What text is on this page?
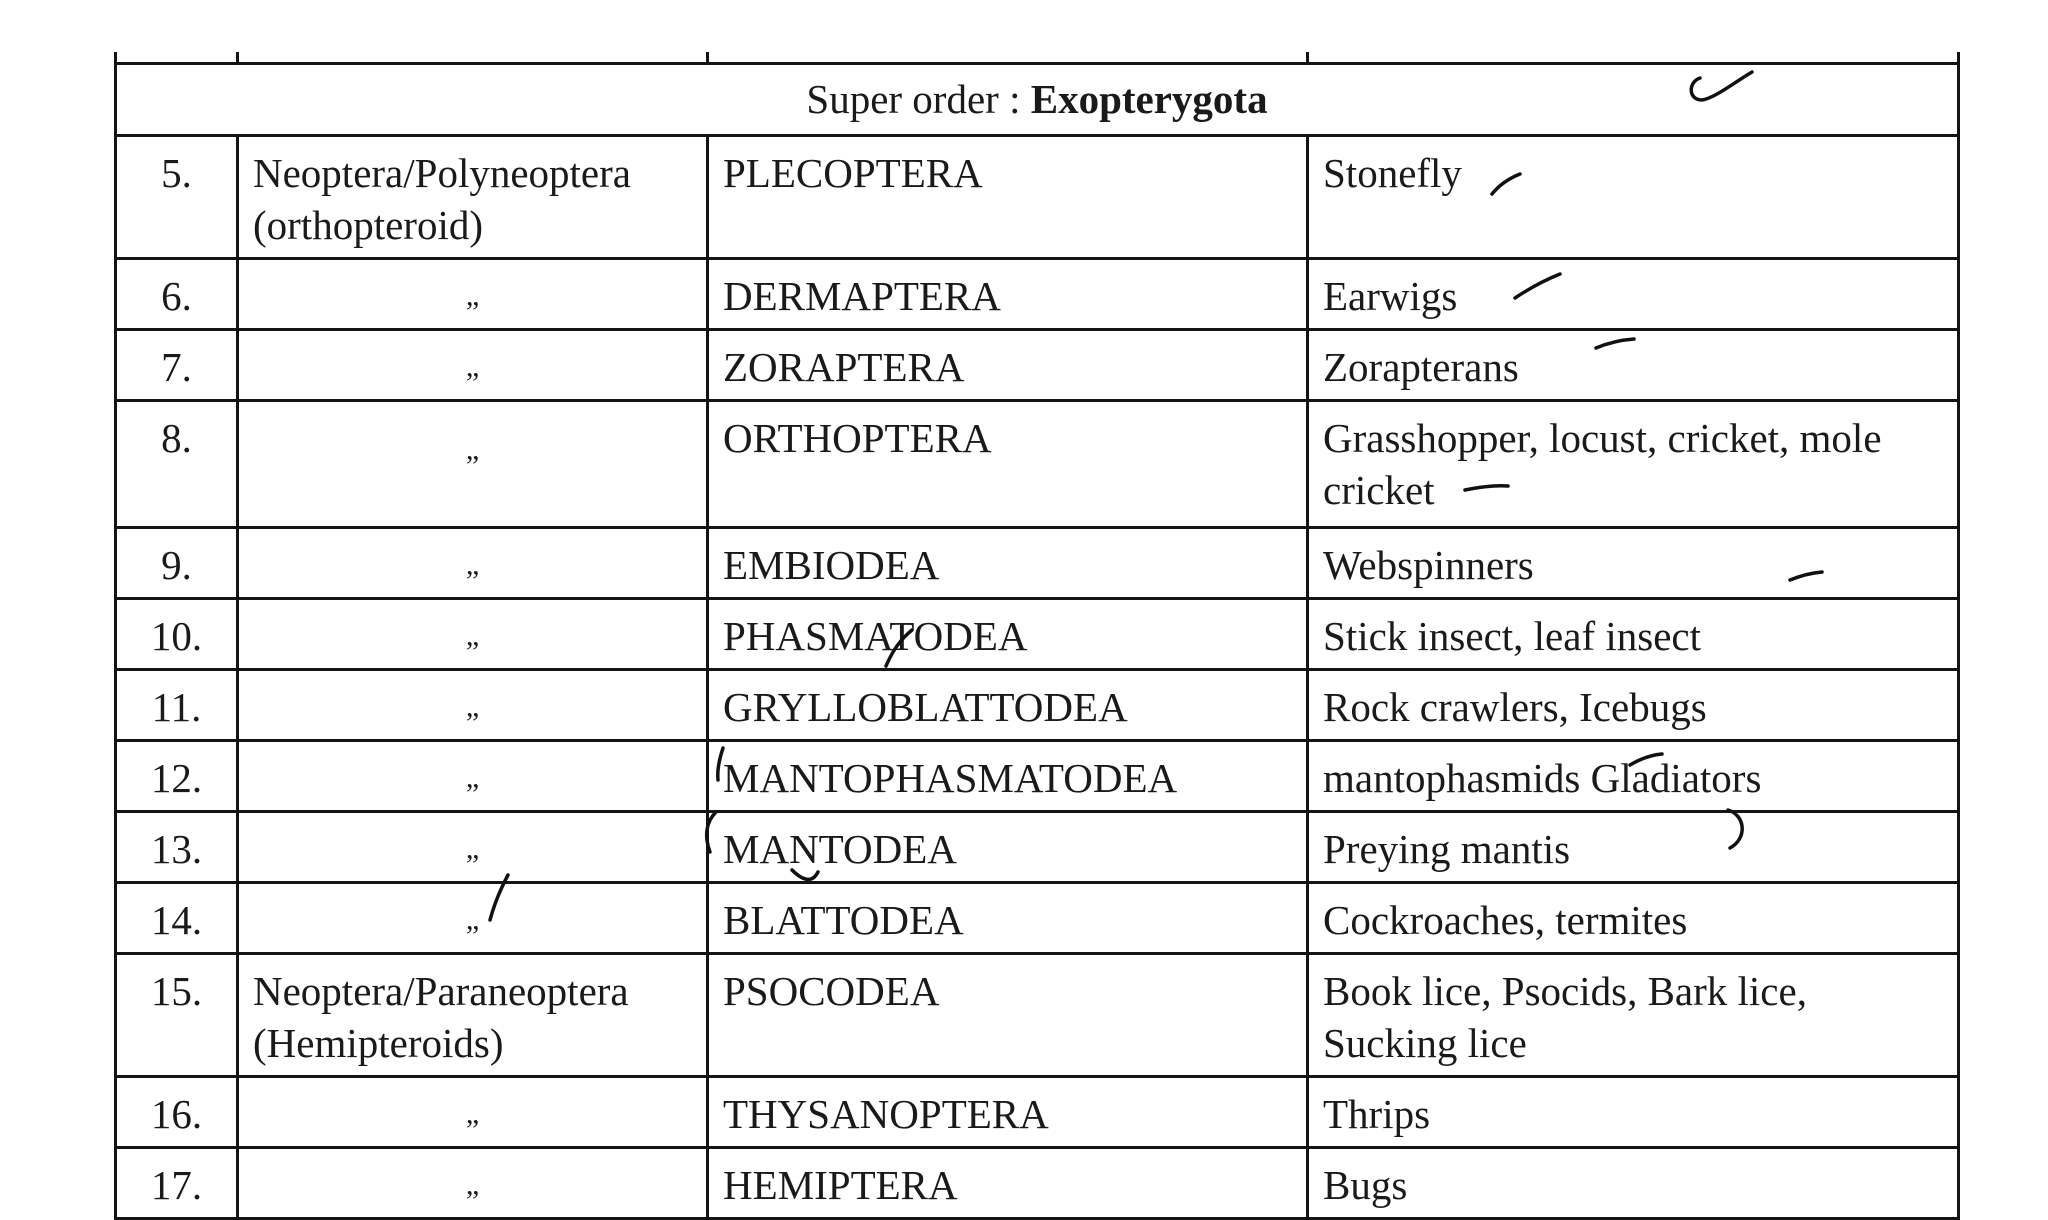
Super order : Exopterygota			
5.	Neoptera/Polyneoptera (orthopteroid)	PLECOPTERA	Stonefly
6.	„	DERMAPTERA	Earwigs
7.	„	ZORAPTERA	Zorapterans
8.	„	ORTHOPTERA	Grasshopper, locust, cricket, mole cricket
9.	„	EMBIODEA	Webspinners
10.	„	PHASMATODEA	Stick insect, leaf insect
11.	„	GRYLLOBLATTODEA	Rock crawlers, Icebugs
12.	„	MANTOPHASMATODEA	mantophasmids Gladiators
13.	„	MANTODEA	Preying mantis
14.	„	BLATTODEA	Cockroaches, termites
15.	Neoptera/Paraneoptera (Hemipteroids)	PSOCODEA	Book lice, Psocids, Bark lice, Sucking lice
16.	„	THYSANOPTERA	Thrips
17.	„	HEMIPTERA	Bugs
